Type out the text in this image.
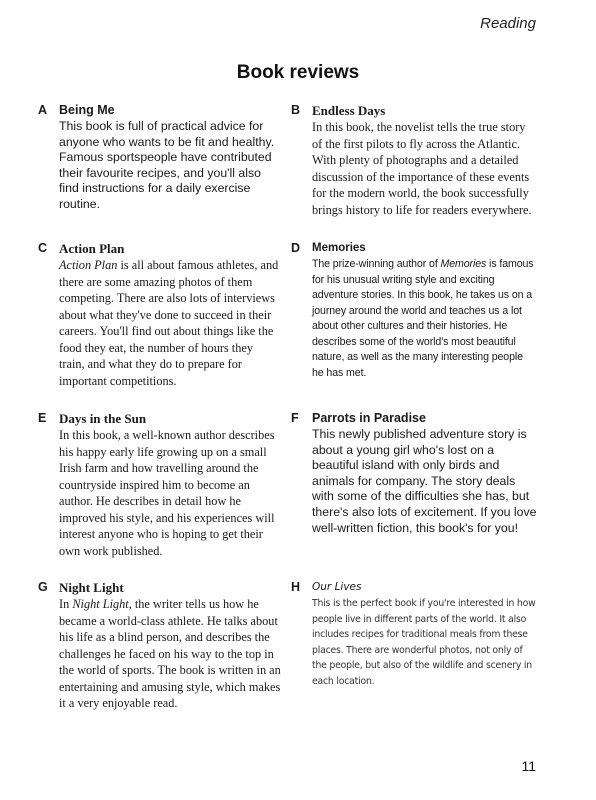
Reading
Book reviews
A Being Me

This book is full of practical advice for anyone who wants to be fit and healthy. Famous sportspeople have contributed their favourite recipes, and you'll also find instructions for a daily exercise routine.

B Endless Days

In this book, the novelist tells the true story of the first pilots to fly across the Atlantic. With plenty of photographs and a detailed discussion of the importance of these events for the modern world, the book successfully brings history to life for readers everywhere.

C Action Plan

Action Plan is all about famous athletes, and there are some amazing photos of them competing. There are also lots of interviews about what they've done to succeed in their careers. You'll find out about things like the food they eat, the number of hours they train, and what they do to prepare for important competitions.

D Memories

The prize-winning author of Memories is famous for his unusual writing style and exciting adventure stories. In this book, he takes us on a journey around the world and teaches us a lot about other cultures and their histories. He describes some of the world's most beautiful nature, as well as the many interesting people he has met.

E Days in the Sun

In this book, a well-known author describes his happy early life growing up on a small Irish farm and how travelling around the countryside inspired him to become an author. He describes in detail how he improved his style, and his experiences will interest anyone who is hoping to get their own work published.

F Parrots in Paradise

This newly published adventure story is about a young girl who's lost on a beautiful island with only birds and animals for company. The story deals with some of the difficulties she has, but there's also lots of excitement. If you love well-written fiction, this book's for you!

G Night Light

In Night Light, the writer tells us how he became a world-class athlete. He talks about his life as a blind person, and describes the challenges he faced on his way to the top in the world of sports. The book is written in an entertaining and amusing style, which makes it a very enjoyable read.

H Our Lives

This is the perfect book if you're interested in how people live in different parts of the world. It also includes recipes for traditional meals from these places. There are wonderful photos, not only of the people, but also of the wildlife and scenery in each location.

11
